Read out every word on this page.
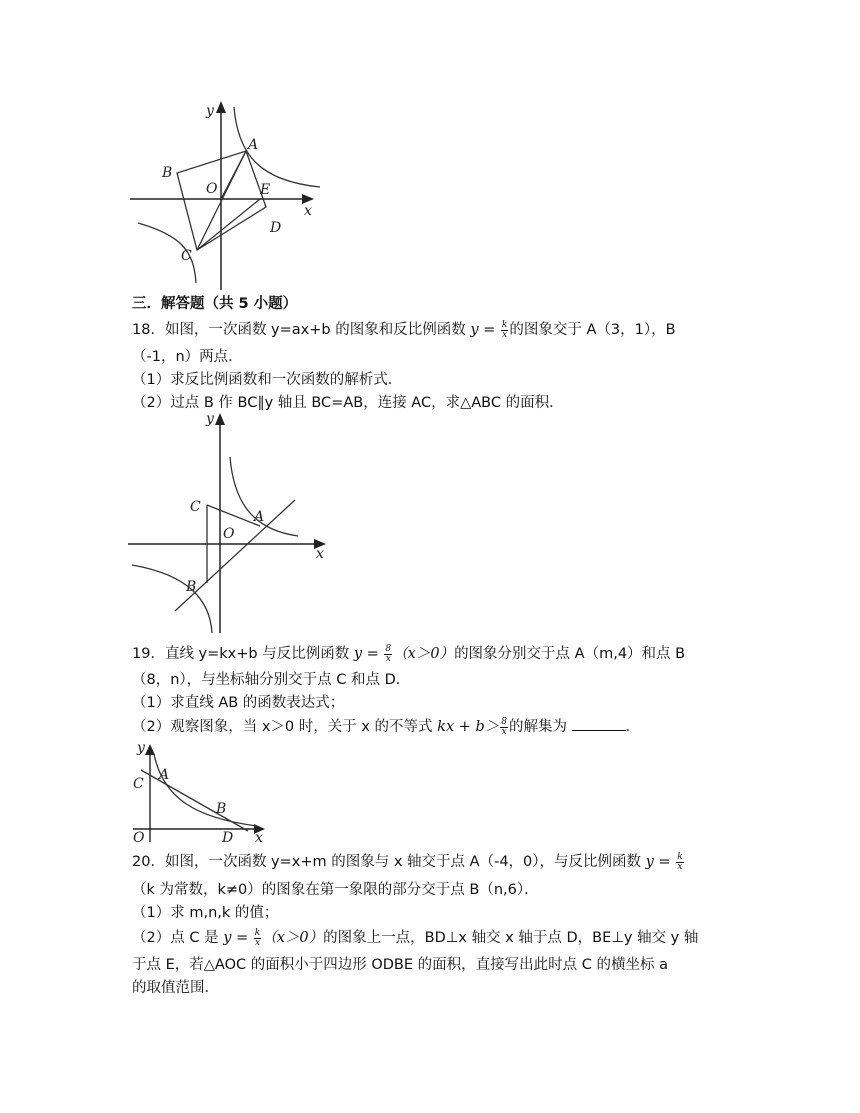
y
x
A
B
O	E
D
C
三．解答题（共 5 小题）
18．如图，一次函数 y=ax+b 的图象和反比例函数 $y = \frac{k}{x}$ 的图象交于 A（3，1），B
（-1，n）两点．
（1）求反比例函数和一次函数的解析式．
（2）过点 B 作 BC∥y 轴且 BC=AB，连接 AC，求△ABC 的面积．
y
x
C
A
O
B
19．直线 y=kx+b 与反比例函数 $y = \frac{8}{x} (x>0)$的图象分别交于点 A（m,4）和点 B
（8，n），与坐标轴分别交于点 C 和点 D．
（1）求直线 AB 的函数表达式；
（2）观察图象，当 x＞0 时，关于 x 的不等式 kx + $b> \frac{8}{x}$ 的解集为	．
y
x
A
C
B
O	D
20．如图，一次函数 y=x+m 的图象与 x 轴交于点 A（-4，0），与反比例函数 $y = \frac{k}{x}$
（k 为常数，k≠0）的图象在第一象限的部分交于点 B（n,6）．
（1）求 m,n,k 的值；
（2）点 C 是 $y = \frac{k}{x} (x>0)$的图象上一点，BD⊥x 轴交 x 轴于点 D，BE⊥y 轴交 y 轴
于点 E，若△AOC 的面积小于四边形 ODBE 的面积，直接写出此时点 C 的横坐标 a
的取值范围．
